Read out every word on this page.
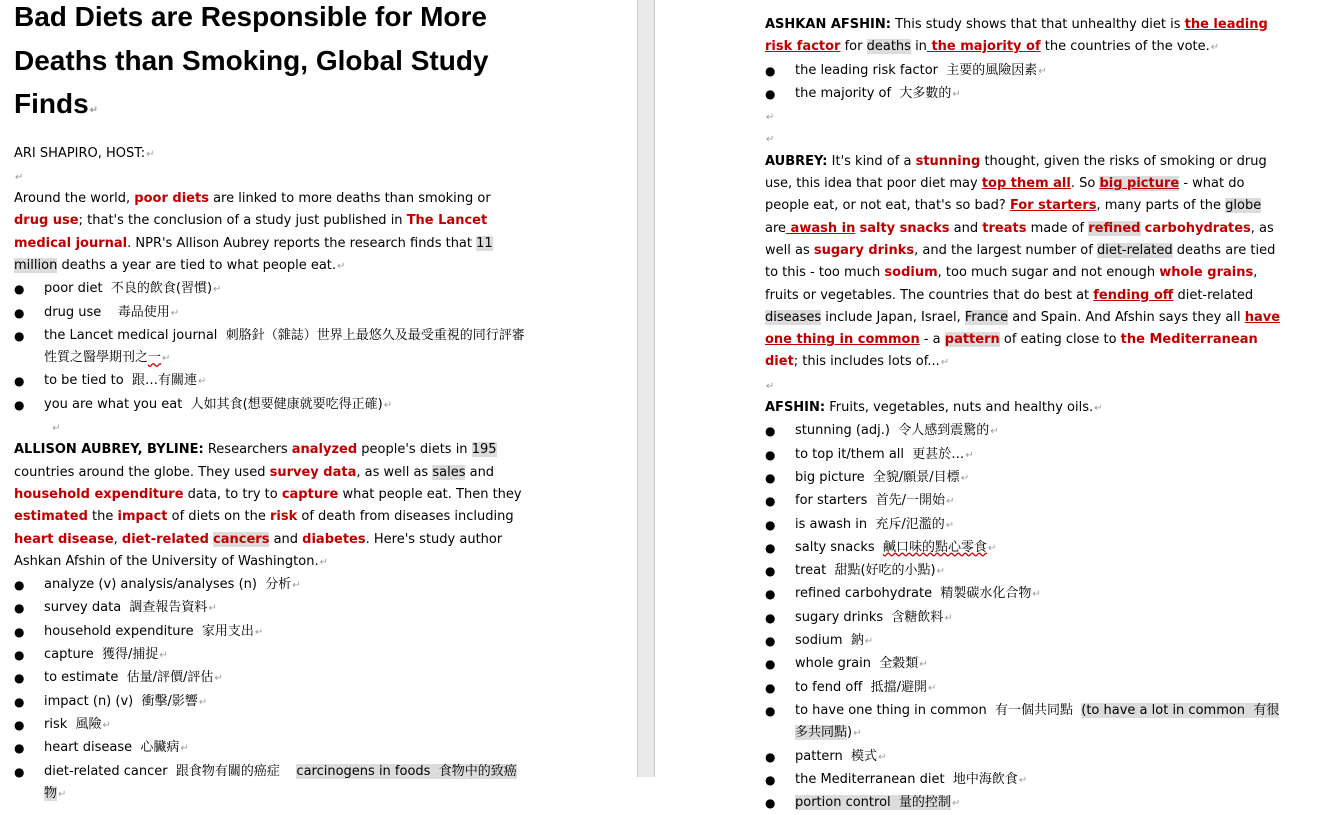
Bad Diets are Responsible for More Deaths than Smoking, Global Study Finds↵

ARI SHAPIRO, HOST:↵

↵

Around the world, poor diets are linked to more deaths than smoking or drug use; that's the conclusion of a study just published in The Lancet medical journal. NPR's Allison Aubrey reports the research finds that 11 million deaths a year are tied to what people eat.↵

● poor diet 不良的飲食(習慣)↵
● drug use 毒品使用↵
● the Lancet medical journal 刺胳針（雜誌）世界上最悠久及最受重視的同行評審性質之醫學期刊之一↵
● to be tied to 跟…有關連↵
● you are what you eat 人如其食(想要健康就要吃得正確)↵

↵

ALLISON AUBREY, BYLINE: Researchers analyzed people's diets in 195 countries around the globe. They used survey data, as well as sales and household expenditure data, to try to capture what people eat. Then they estimated the impact of diets on the risk of death from diseases including heart disease, diet-related cancers and diabetes. Here's study author Ashkan Afshin of the University of Washington.↵

● analyze (v) analysis/analyses (n) 分析↵
● survey data 調查報告資料↵
● household expenditure 家用支出↵
● capture 獲得/捕捉↵
● to estimate 估量/評價/評估↵
● impact (n) (v) 衝擊/影響↵
● risk 風險↵
● heart disease 心臟病↵
● diet-related cancer 跟食物有關的癌症 carcinogens in foods 食物中的致癌物↵

ASHKAN AFSHIN: This study shows that that unhealthy diet is the leading risk factor for deaths in the majority of the countries of the vote.↵

● the leading risk factor 主要的風險因素↵
● the majority of 大多數的↵

↵

↵

AUBREY: It's kind of a stunning thought, given the risks of smoking or drug use, this idea that poor diet may top them all. So big picture - what do people eat, or not eat, that's so bad? For starters, many parts of the globe are awash in salty snacks and treats made of refined carbohydrates, as well as sugary drinks, and the largest number of diet-related deaths are tied to this - too much sodium, too much sugar and not enough whole grains, fruits or vegetables. The countries that do best at fending off diet-related diseases include Japan, Israel, France and Spain. And Afshin says they all have one thing in common - a pattern of eating close to the Mediterranean diet; this includes lots of...↵

↵

AFSHIN: Fruits, vegetables, nuts and healthy oils.↵

● stunning (adj.) 令人感到震驚的↵
● to top it/them all 更甚於…↵
● big picture 全貌/願景/目標↵
● for starters 首先/一開始↵
● is awash in 充斥/氾濫的↵
● salty snacks 鹹口味的點心零食↵
● treat 甜點(好吃的小點)↵
● refined carbohydrate 精製碳水化合物↵
● sugary drinks 含糖飲料↵
● sodium 鈉↵
● whole grain 全穀類↵
● to fend off 抵擋/避開↵
● to have one thing in common 有一個共同點 (to have a lot in common 有很多共同點)↵
● pattern 模式↵
● the Mediterranean diet 地中海飲食↵
● portion control 量的控制↵
